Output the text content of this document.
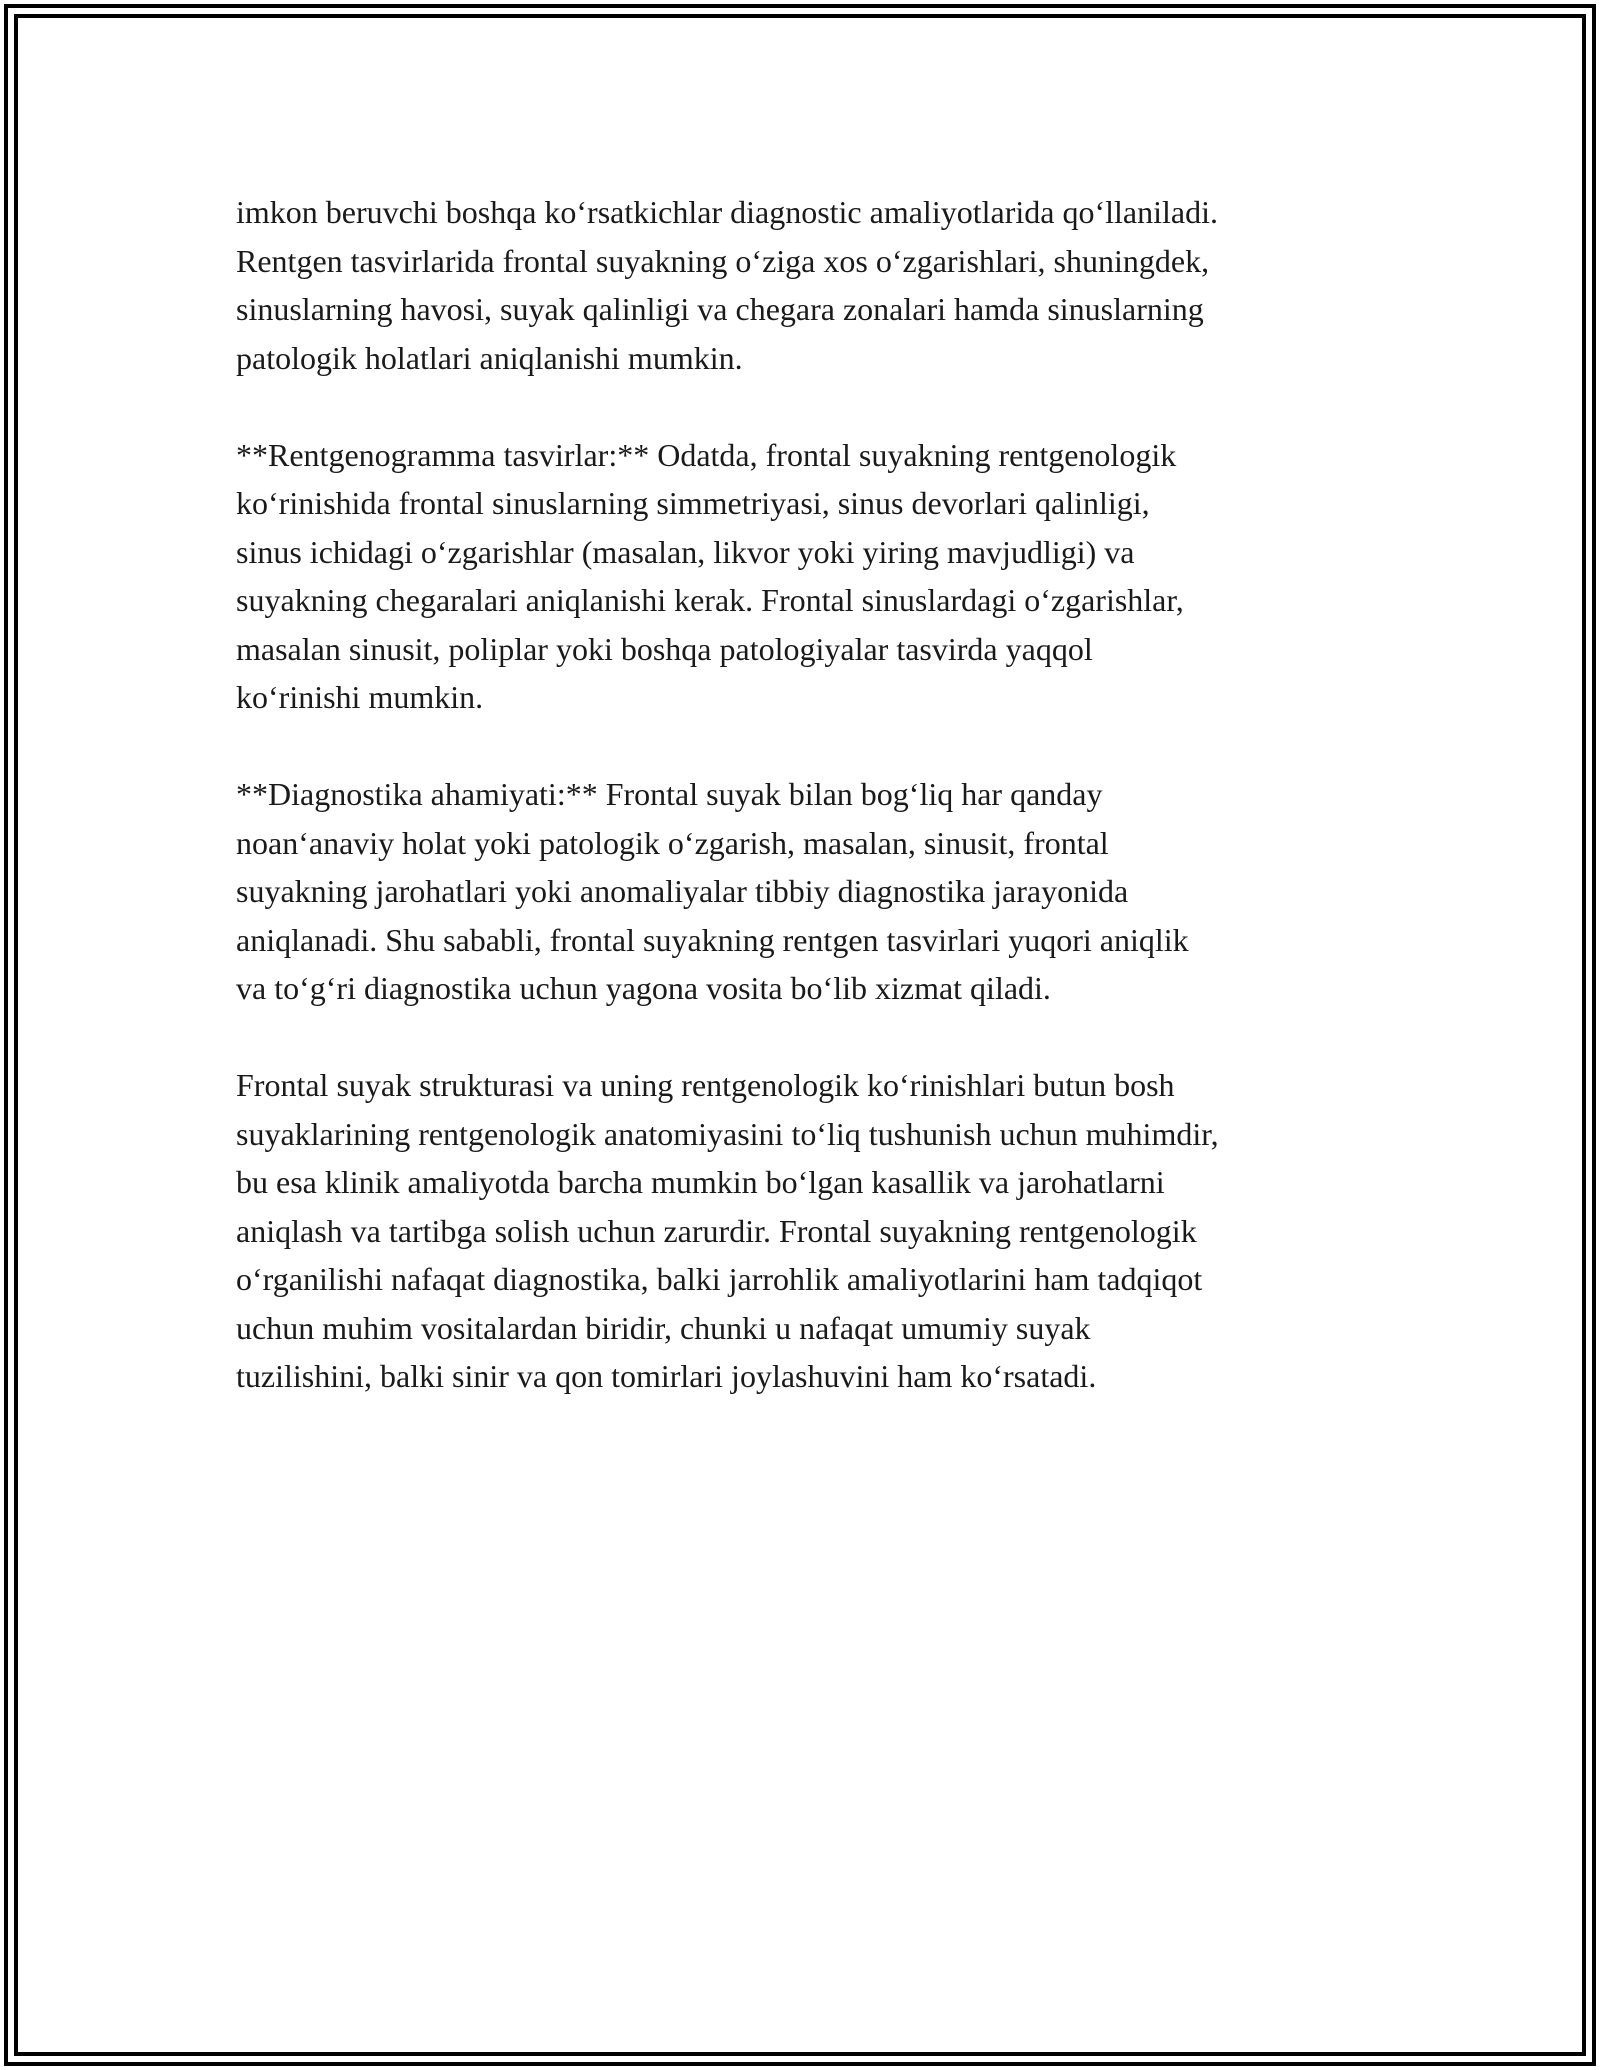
imkon beruvchi boshqa koʻrsatkichlar diagnostic amaliyotlarida qoʻllaniladi.
Rentgen tasvirlarida frontal suyakning oʻziga xos oʻzgarishlari, shuningdek,
sinuslarning havosi, suyak qalinligi va chegara zonalari hamda sinuslarning
patologik holatlari aniqlanishi mumkin.

**Rentgenogramma tasvirlar:** Odatda, frontal suyakning rentgenologik
koʻrinishida frontal sinuslarning simmetriyasi, sinus devorlari qalinligi,
sinus ichidagi oʻzgarishlar (masalan, likvor yoki yiring mavjudligi) va
suyakning chegaralari aniqlanishi kerak. Frontal sinuslardagi oʻzgarishlar,
masalan sinusit, poliplar yoki boshqa patologiyalar tasvirda yaqqol
koʻrinishi mumkin.

**Diagnostika ahamiyati:** Frontal suyak bilan bogʻliq har qanday
noanʻanaviy holat yoki patologik oʻzgarish, masalan, sinusit, frontal
suyakning jarohatlari yoki anomaliyalar tibbiy diagnostika jarayonida
aniqlanadi. Shu sababli, frontal suyakning rentgen tasvirlari yuqori aniqlik
va toʻgʻri diagnostika uchun yagona vosita boʻlib xizmat qiladi.

Frontal suyak strukturasi va uning rentgenologik koʻrinishlari butun bosh
suyaklarining rentgenologik anatomiyasini toʻliq tushunish uchun muhimdir,
bu esa klinik amaliyotda barcha mumkin boʻlgan kasallik va jarohatlarni
aniqlash va tartibga solish uchun zarurdir. Frontal suyakning rentgenologik
oʻrganilishi nafaqat diagnostika, balki jarrohlik amaliyotlarini ham tadqiqot
uchun muhim vositalardan biridir, chunki u nafaqat umumiy suyak
tuzilishini, balki sinir va qon tomirlari joylashuvini ham koʻrsatadi.
